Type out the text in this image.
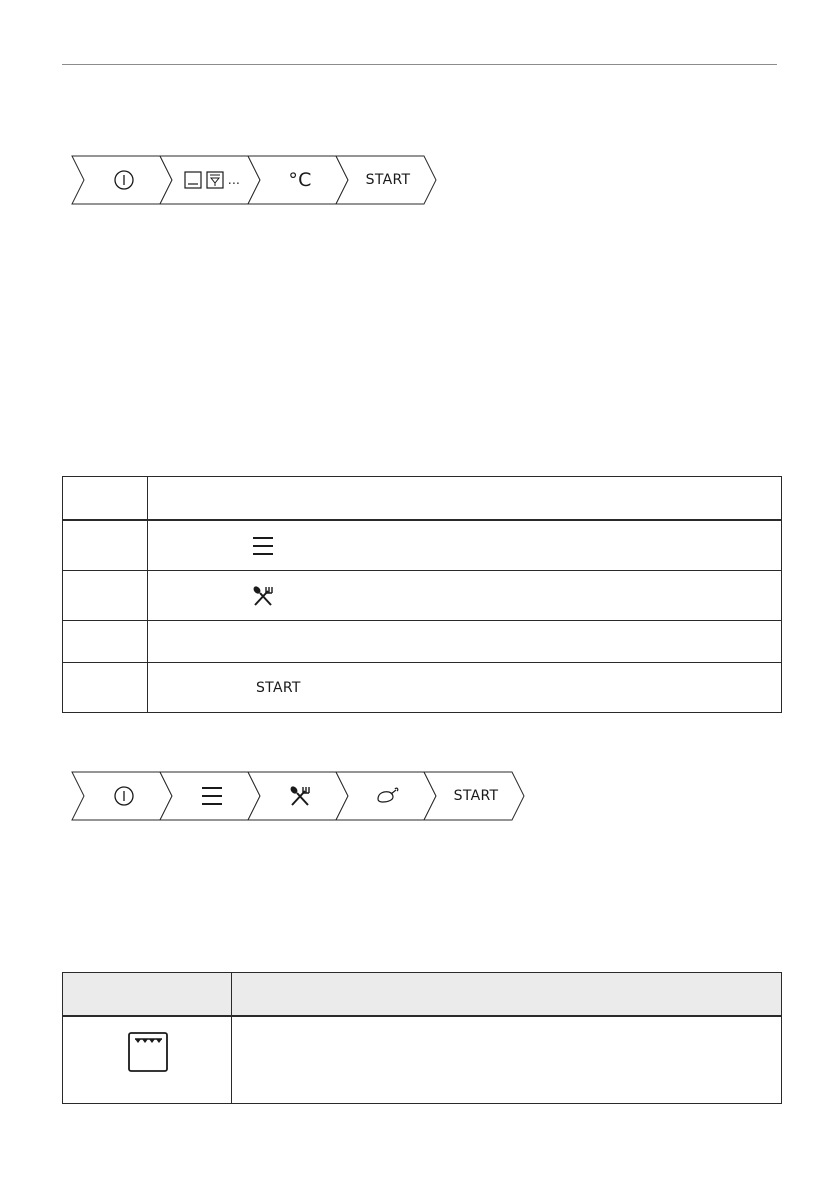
...	°C	START

	START
START
